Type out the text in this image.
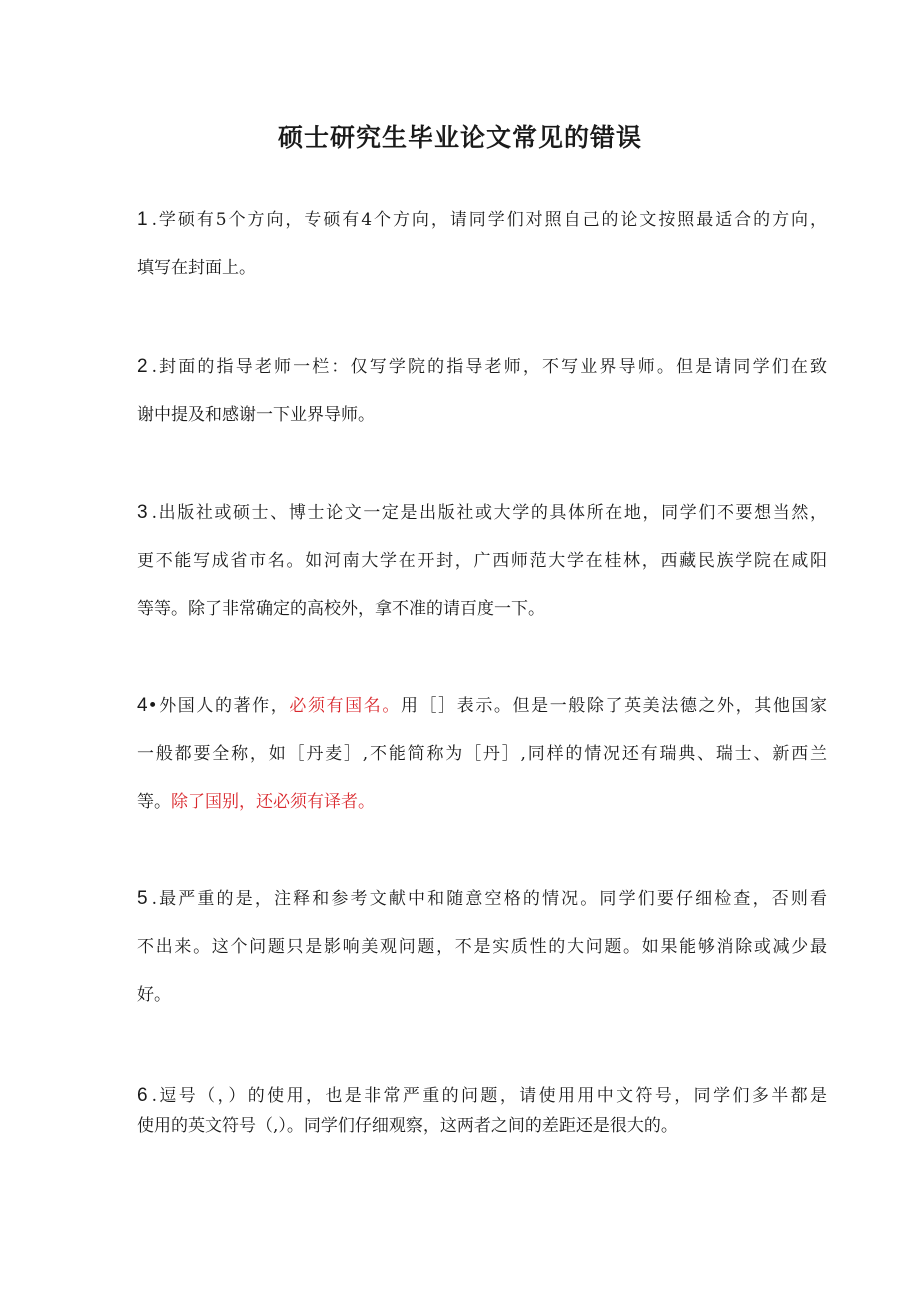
硕士研究生毕业论文常见的错误

1 .学硕有5个方向，专硕有4个方向，请同学们对照自己的论文按照最适合的方向，
填写在封面上。

2 .封面的指导老师一栏：仅写学院的指导老师，不写业界导师。但是请同学们在致
谢中提及和感谢一下业界导师。

3 .出版社或硕士、博士论文一定是出版社或大学的具体所在地，同学们不要想当然，
更不能写成省市名。如河南大学在开封，广西师范大学在桂林，西藏民族学院在咸阳
等等。除了非常确定的高校外，拿不准的请百度一下。

4•外国人的著作，必须有国名。用［］表示。但是一般除了英美法德之外，其他国家
一般都要全称，如［丹麦］,不能简称为［丹］,同样的情况还有瑞典、瑞士、新西兰
等。除了国别，还必须有译者。

5 .最严重的是，注释和参考文献中和随意空格的情况。同学们要仔细检查，否则看
不出来。这个问题只是影响美观问题，不是实质性的大问题。如果能够消除或减少最
好。

6 .逗号（，）的使用，也是非常严重的问题，请使用用中文符号，同学们多半都是
使用的英文符号（,）。同学们仔细观察，这两者之间的差距还是很大的。
